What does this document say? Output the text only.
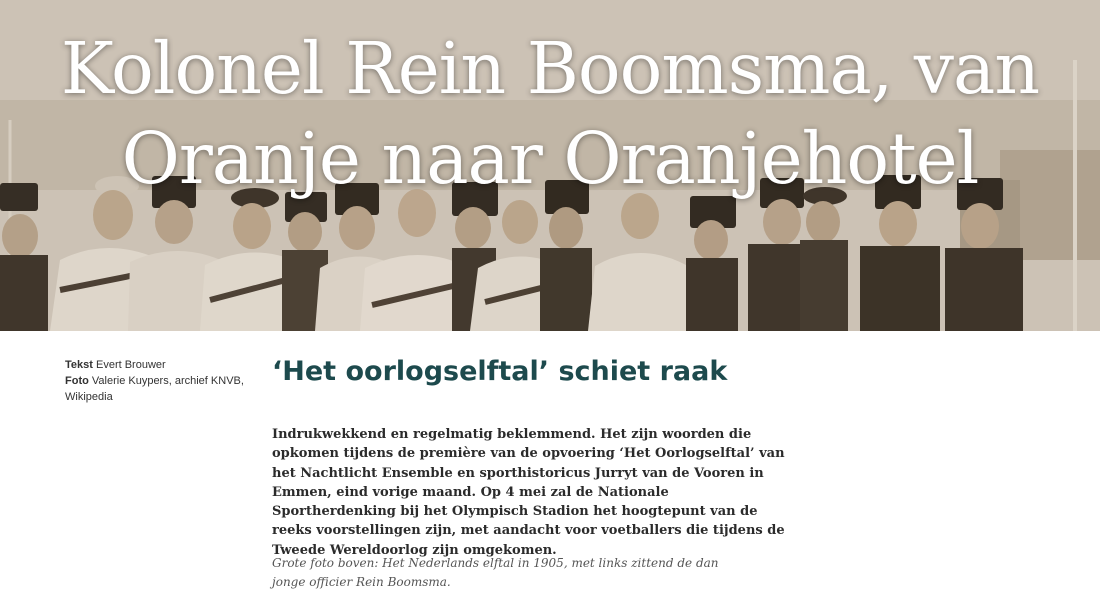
Kolonel Rein Boomsma, van
Oranje naar Oranjehotel
Tekst Evert Brouwer
Foto Valerie Kuypers, archief KNVB, Wikipedia
‘Het oorlogselftal’ schiet raak

Indrukwekkend en regelmatig beklemmend. Het zijn woorden die opkomen tijdens de première van de opvoering ‘Het Oorlogselftal’ van het Nachtlicht Ensemble en sporthistoricus Jurryt van de Vooren in Emmen, eind vorige maand. Op 4 mei zal de Nationale Sportherdenking bij het Olympisch Stadion het hoogtepunt van de reeks voorstellingen zijn, met aandacht voor voetballers die tijdens de Tweede Wereldoorlog zijn omgekomen.

Grote foto boven: Het Nederlands elftal in 1905, met links zittend de dan jonge officier Rein Boomsma.
